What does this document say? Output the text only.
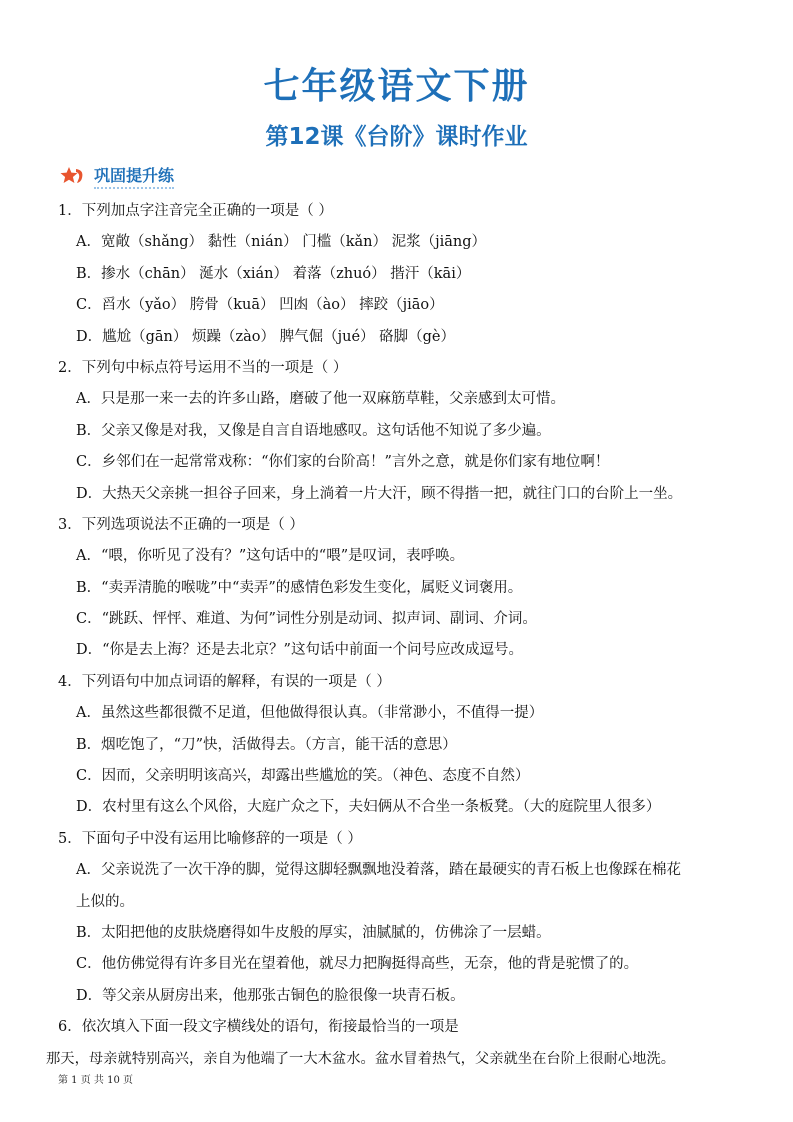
七年级语文下册
第12课《台阶》课时作业
巩固提升练
1．下列加点字注音完全正确的一项是（ ）
A．宽敞（shǎng） 黏性（nián） 门槛（kǎn） 泥浆（jiāng）
B．掺水（chān） 涎水（xián） 着落（zhuó） 揩汗（kāi）
C．舀水（yǎo） 胯骨（kuā） 凹凼（ào） 摔跤（jiāo）
D．尴尬（gān） 烦躁（zào） 脾气倔（jué） 硌脚（gè）
2．下列句中标点符号运用不当的一项是（ ）
A．只是那一来一去的许多山路，磨破了他一双麻筋草鞋，父亲感到太可惜。
B．父亲又像是对我，又像是自言自语地感叹。这句话他不知说了多少遍。
C．乡邻们在一起常常戏称：“你们家的台阶高！”言外之意，就是你们家有地位啊！
D．大热天父亲挑一担谷子回来，身上淌着一片大汗，顾不得揩一把，就往门口的台阶上一坐。
3．下列选项说法不正确的一项是（ ）
A．“喂，你听见了没有？”这句话中的“喂”是叹词，表呼唤。
B．“卖弄清脆的喉咙”中“卖弄”的感情色彩发生变化，属贬义词褒用。
C．“跳跃、怦怦、难道、为何”词性分别是动词、拟声词、副词、介词。
D．“你是去上海？还是去北京？”这句话中前面一个问号应改成逗号。
4．下列语句中加点词语的解释，有误的一项是（ ）
A．虽然这些都很微不足道，但他做得很认真。（非常渺小，不值得一提）
B．烟吃饱了，“刀”快，活做得去。（方言，能干活的意思）
C．因而，父亲明明该高兴，却露出些尴尬的笑。（神色、态度不自然）
D．农村里有这么个风俗，大庭广众之下，夫妇俩从不合坐一条板凳。（大的庭院里人很多）
5．下面句子中没有运用比喻修辞的一项是（ ）
A．父亲说洗了一次干净的脚，觉得这脚轻飘飘地没着落，踏在最硬实的青石板上也像踩在棉花
上似的。
B．太阳把他的皮肤烧磨得如牛皮般的厚实，油腻腻的，仿佛涂了一层蜡。
C．他仿佛觉得有许多目光在望着他，就尽力把胸挺得高些，无奈，他的背是驼惯了的。
D．等父亲从厨房出来，他那张古铜色的脸很像一块青石板。
6．依次填入下面一段文字横线处的语句，衔接最恰当的一项是
那天，母亲就特别高兴，亲自为他端了一大木盆水。盆水冒着热气，父亲就坐在台阶上很耐心地洗。
第 1 页 共 10 页
